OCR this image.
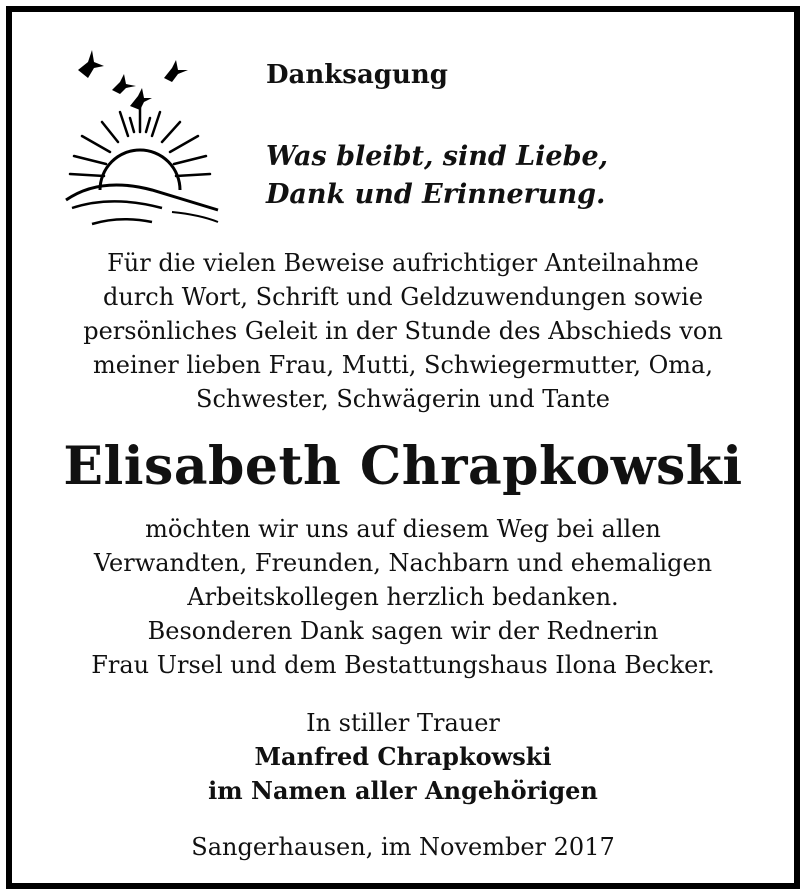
Danksagung
Was bleibt, sind Liebe,
Dank und Erinnerung.
Für die vielen Beweise aufrichtiger Anteilnahme
durch Wort, Schrift und Geldzuwendungen sowie
persönliches Geleit in der Stunde des Abschieds von
meiner lieben Frau, Mutti, Schwiegermutter, Oma,
Schwester, Schwägerin und Tante
Elisabeth Chrapkowski
möchten wir uns auf diesem Weg bei allen
Verwandten, Freunden, Nachbarn und ehemaligen
Arbeitskollegen herzlich bedanken.
Besonderen Dank sagen wir der Rednerin
Frau Ursel und dem Bestattungshaus Ilona Becker.
In stiller Trauer
Manfred Chrapkowski
im Namen aller Angehörigen
Sangerhausen, im November 2017
